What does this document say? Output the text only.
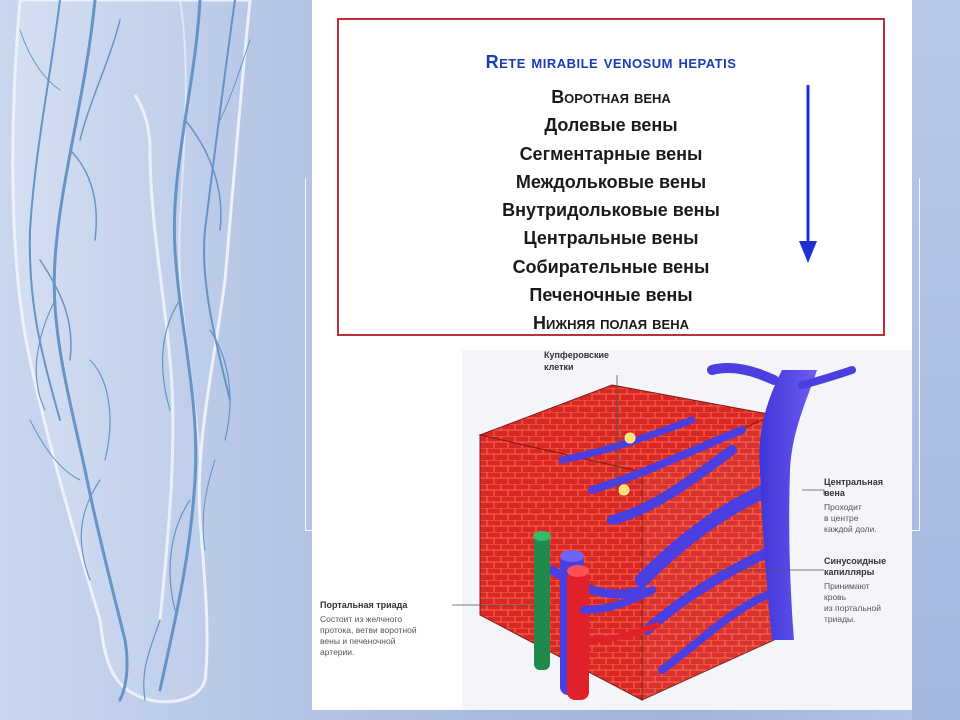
Rete mirabile venosum hepatis

Воротная вена
Долевые вены
Сегментарные вены
Междольковые вены
Внутридольковые вены
Центральные вены
Собирательные вены
Печеночные вены
Нижняя полая вена
Купферовские
клетки
Центральная
вена
Проходит
в центре
каждой доли.
Синусоидные
капилляры
Принимают
кровь
из портальной
триады.
Портальная триада
Состоит из желчного
протока, ветви воротной
вены и печеночной
артерии.
